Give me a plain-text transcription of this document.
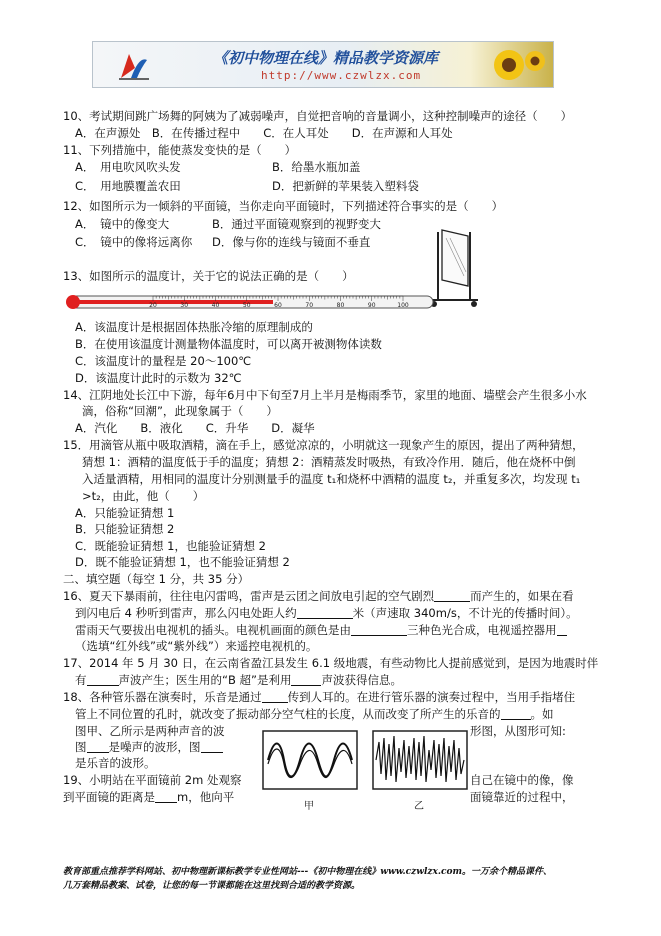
《初中物理在线》精品教学资源库
http://www.czwlzx.com
10、考试期间跳广场舞的阿姨为了减弱噪声，自觉把音响的音量调小，这种控制噪声的途径（　　）
A．在声源处　B．在传播过程中　　C．在人耳处　　D．在声源和人耳处
11、下列措施中，能使蒸发变快的是（　　）
A．　用电吹风吹头发	B．给墨水瓶加盖
C．　用地膜覆盖农田	D．把新鲜的苹果装入塑料袋
12、如图所示为一倾斜的平面镜，当你走向平面镜时，下列描述符合事实的是（　　）
A．　镜中的像变大	B．通过平面镜观察到的视野变大
C．　镜中的像将远离你 D．像与你的连线与镜面不垂直
13、如图所示的温度计，关于它的说法正确的是（　　）
20	30	40	50	60	70	80	90	100
A．该温度计是根据固体热胀冷缩的原理制成的
B．在使用该温度计测量物体温度时，可以离开被测物体读数
C．该温度计的量程是 20～100℃
D．该温度计此时的示数为 32℃
14、江阴地处长江中下游，每年6月中下旬至7月上半月是梅雨季节，家里的地面、墙壁会产生很多小水
滴，俗称“回潮”，此现象属于（　　）
A．汽化　　B．液化　　C．升华　　D．凝华
15．用滴管从瓶中吸取酒精，滴在手上，感觉凉凉的，小明就这一现象产生的原因，提出了两种猜想，
猜想 1：酒精的温度低于手的温度；猜想 2：酒精蒸发时吸热，有致冷作用．随后，他在烧杯中倒
入适量酒精，用相同的温度计分别测量手的温度 t₁和烧杯中酒精的温度 t₂，并重复多次，均发现 t₁
>t₂，由此，他（　　）
A．只能验证猜想 1
B．只能验证猜想 2
C．既能验证猜想 1，也能验证猜想 2
D．既不能验证猜想 1，也不能验证猜想 2
二、填空题（每空 1 分，共 35 分）
16、夏天下暴雨前，往往电闪雷鸣，雷声是云团之间放电引起的空气剧烈	而产生的，如果在看
到闪电后 4 秒听到雷声，那么闪电处距人约	米（声速取 340m/s，不计光的传播时间）。
雷雨天气要拔出电视机的插头。电视机画面的颜色是由	三种色光合成，电视遥控器用
（选填“红外线”或“紫外线”）来遥控电视机的。
17、2014 年 5 月 30 日，在云南省盈江县发生 6.1 级地震，有些动物比人提前感觉到，是因为地震时伴
有	声波产生；医生用的“B 超”是利用	声波获得信息。
18、各种管乐器在演奏时，乐音是通过 传到人耳的。在进行管乐器的演奏过程中，当用手指堵住
管上不同位置的孔时，就改变了振动部分空气柱的长度，从而改变了所产生的乐音的	。如
图甲、乙所示是两种声音的波	形图，从图形可知:
图 是噪声的波形，图
是乐音的波形。
甲	乙
19、小明站在平面镜前 2m 处观察	自己在镜中的像，像
到平面镜的距离是 m，他向平	面镜靠近的过程中，
教育部重点推荐学科网站、初中物理新课标教学专业性网站---《初中物理在线》www.czwlzx.com。一万余个精品课件、
几万套精品教案、试卷，让您的每一节课都能在这里找到合适的教学资源。
